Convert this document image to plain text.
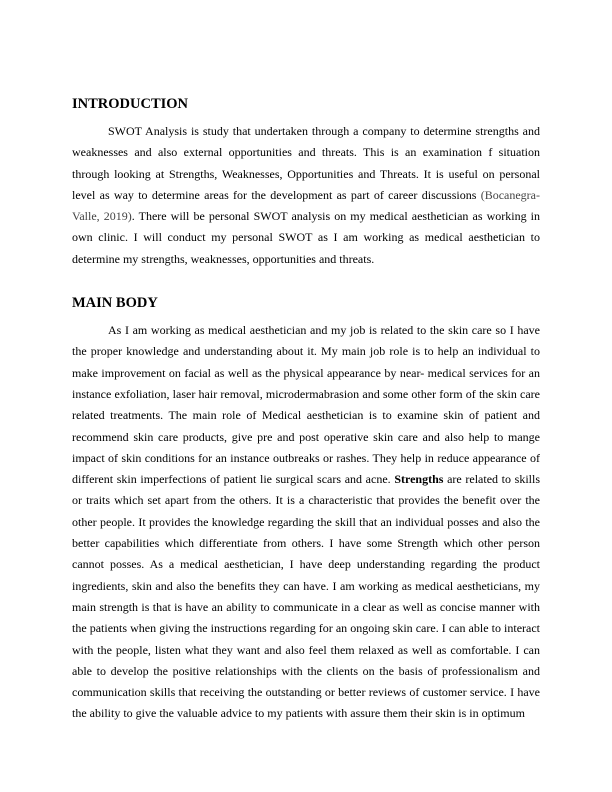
INTRODUCTION

SWOT Analysis is study that undertaken through a company to determine strengths and weaknesses and also external opportunities and threats. This is an examination f situation through looking at Strengths, Weaknesses, Opportunities and Threats. It is useful on personal level as way to determine areas for the development as part of career discussions (Bocanegra-Valle, 2019). There will be personal SWOT analysis on my medical aesthetician as working in own clinic. I will conduct my personal SWOT as I am working as medical aesthetician to determine my strengths, weaknesses, opportunities and threats.

MAIN BODY

As I am working as medical aesthetician and my job is related to the skin care so I have the proper knowledge and understanding about it. My main job role is to help an individual to make improvement on facial as well as the physical appearance by near- medical services for an instance exfoliation, laser hair removal, microdermabrasion and some other form of the skin care related treatments. The main role of Medical aesthetician is to examine skin of patient and recommend skin care products, give pre and post operative skin care and also help to mange impact of skin conditions for an instance outbreaks or rashes. They help in reduce appearance of different skin imperfections of patient lie surgical scars and acne. Strengths are related to skills or traits which set apart from the others. It is a characteristic that provides the benefit over the other people. It provides the knowledge regarding the skill that an individual posses and also the better capabilities which differentiate from others. I have some Strength which other person cannot posses. As a medical aesthetician, I have deep understanding regarding the product ingredients, skin and also the benefits they can have. I am working as medical aestheticians, my main strength is that is have an ability to communicate in a clear as well as concise manner with the patients when giving the instructions regarding for an ongoing skin care. I can able to interact with the people, listen what they want and also feel them relaxed as well as comfortable. I can able to develop the positive relationships with the clients on the basis of professionalism and communication skills that receiving the outstanding or better reviews of customer service. I have the ability to give the valuable advice to my patients with assure them their skin is in optimum
